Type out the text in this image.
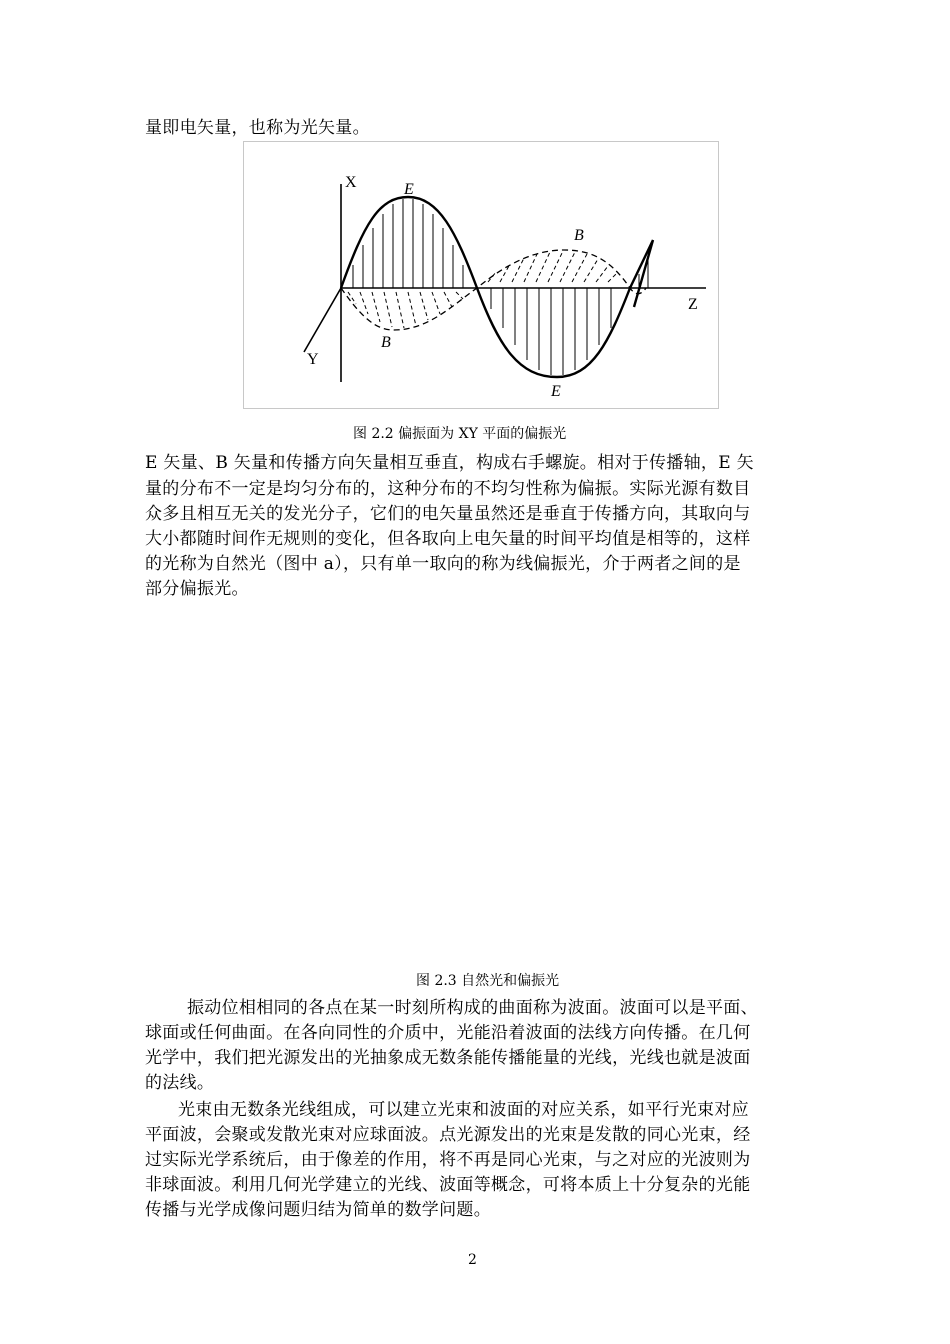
量即电矢量，也称为光矢量。
X
Y
Z
E
E
B
B
图 2.2 偏振面为 XY 平面的偏振光
E 矢量、B 矢量和传播方向矢量相互垂直，构成右手螺旋。相对于传播轴，E 矢
量的分布不一定是均匀分布的，这种分布的不均匀性称为偏振。实际光源有数目
众多且相互无关的发光分子，它们的电矢量虽然还是垂直于传播方向，其取向与
大小都随时间作无规则的变化，但各取向上电矢量的时间平均值是相等的，这样
的光称为自然光（图中 a），只有单一取向的称为线偏振光，介于两者之间的是
部分偏振光。
图 2.3 自然光和偏振光
振动位相相同的各点在某一时刻所构成的曲面称为波面。波面可以是平面、
球面或任何曲面。在各向同性的介质中，光能沿着波面的法线方向传播。在几何
光学中，我们把光源发出的光抽象成无数条能传播能量的光线，光线也就是波面
的法线。
光束由无数条光线组成，可以建立光束和波面的对应关系，如平行光束对应
平面波，会聚或发散光束对应球面波。点光源发出的光束是发散的同心光束，经
过实际光学系统后，由于像差的作用，将不再是同心光束，与之对应的光波则为
非球面波。利用几何光学建立的光线、波面等概念，可将本质上十分复杂的光能
传播与光学成像问题归结为简单的数学问题。
2
